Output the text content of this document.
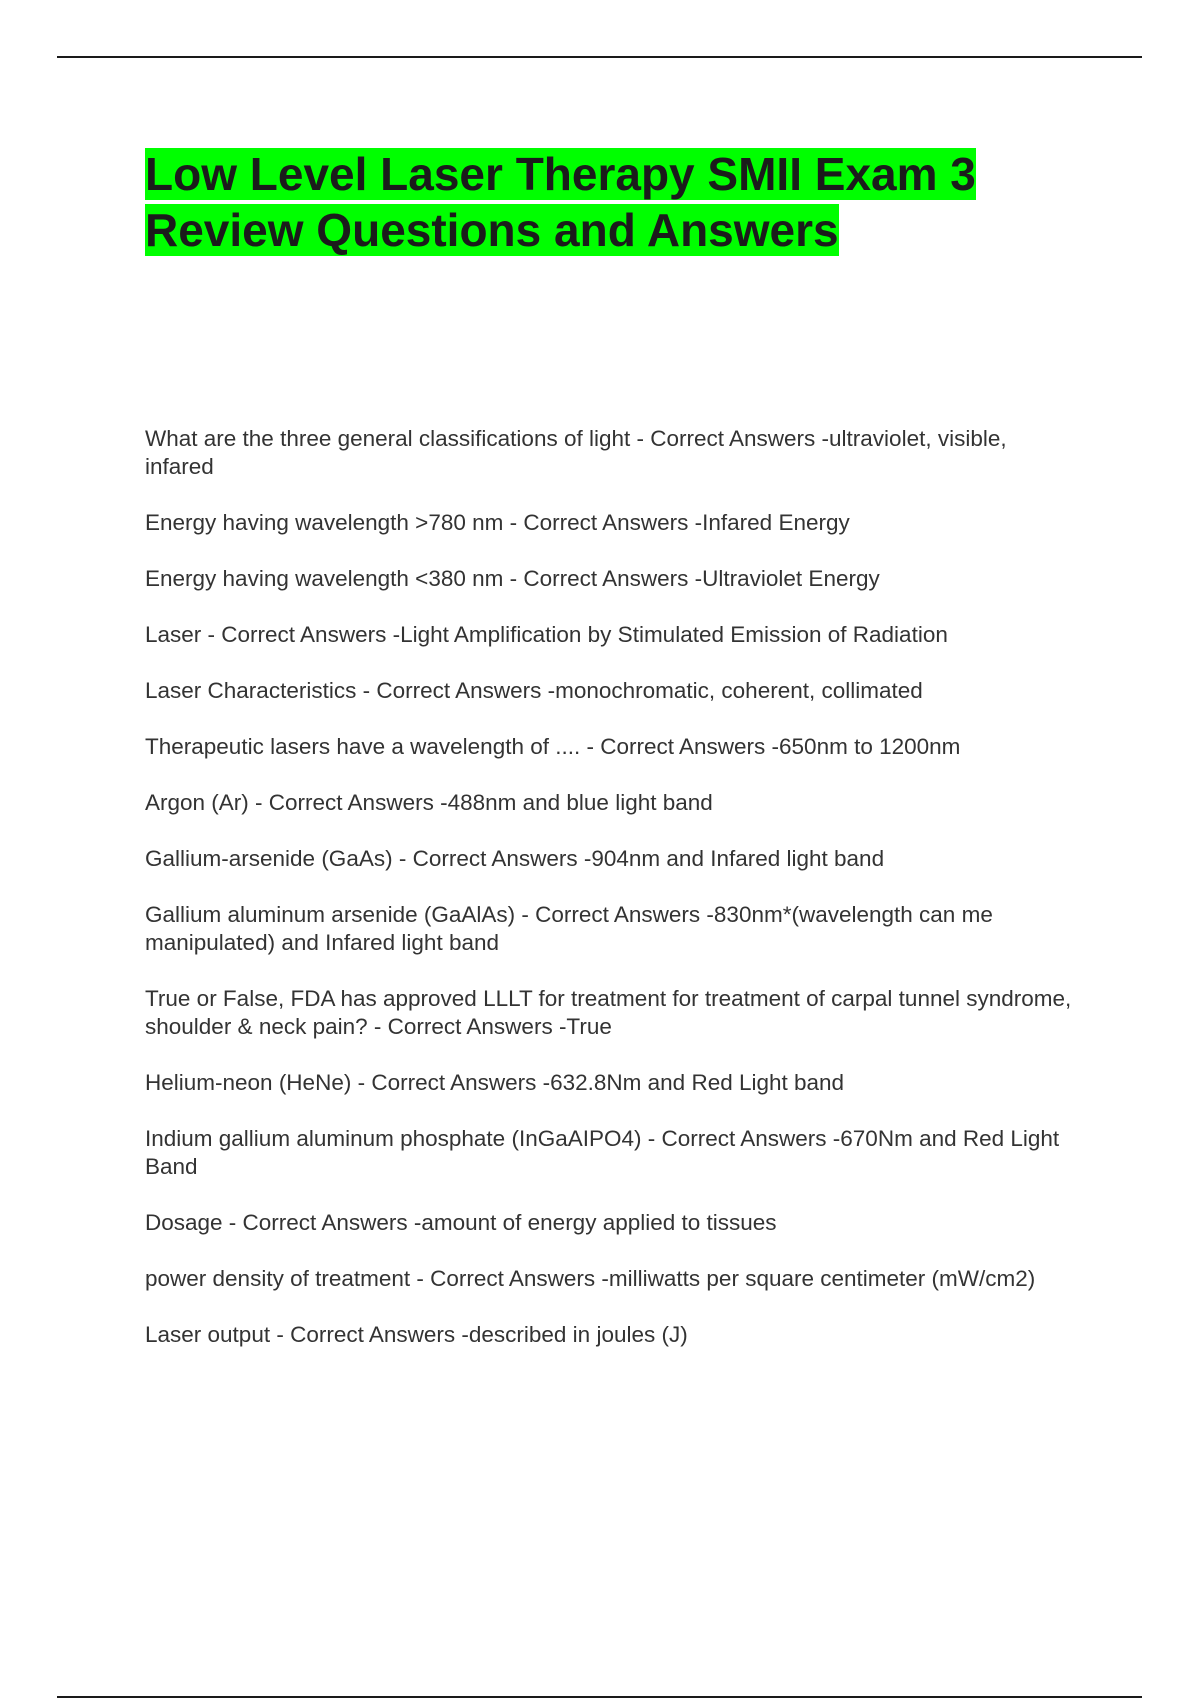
Low Level Laser Therapy SMII Exam 3
Review Questions and Answers
What are the three general classifications of light - Correct Answers -ultraviolet, visible, infared
Energy having wavelength >780 nm - Correct Answers -Infared Energy
Energy having wavelength <380 nm - Correct Answers -Ultraviolet Energy
Laser - Correct Answers -Light Amplification by Stimulated Emission of Radiation
Laser Characteristics - Correct Answers -monochromatic, coherent, collimated
Therapeutic lasers have a wavelength of .... - Correct Answers -650nm to 1200nm
Argon (Ar) - Correct Answers -488nm and blue light band
Gallium-arsenide (GaAs) - Correct Answers -904nm and Infared light band
Gallium aluminum arsenide (GaAlAs) - Correct Answers -830nm*(wavelength can me manipulated) and Infared light band
True or False, FDA has approved LLLT for treatment for treatment of carpal tunnel syndrome, shoulder & neck pain? - Correct Answers -True
Helium-neon (HeNe) - Correct Answers -632.8Nm and Red Light band
Indium gallium aluminum phosphate (InGaAIPO4) - Correct Answers -670Nm and Red Light Band
Dosage - Correct Answers -amount of energy applied to tissues
power density of treatment - Correct Answers -milliwatts per square centimeter (mW/cm2)
Laser output - Correct Answers -described in joules (J)
